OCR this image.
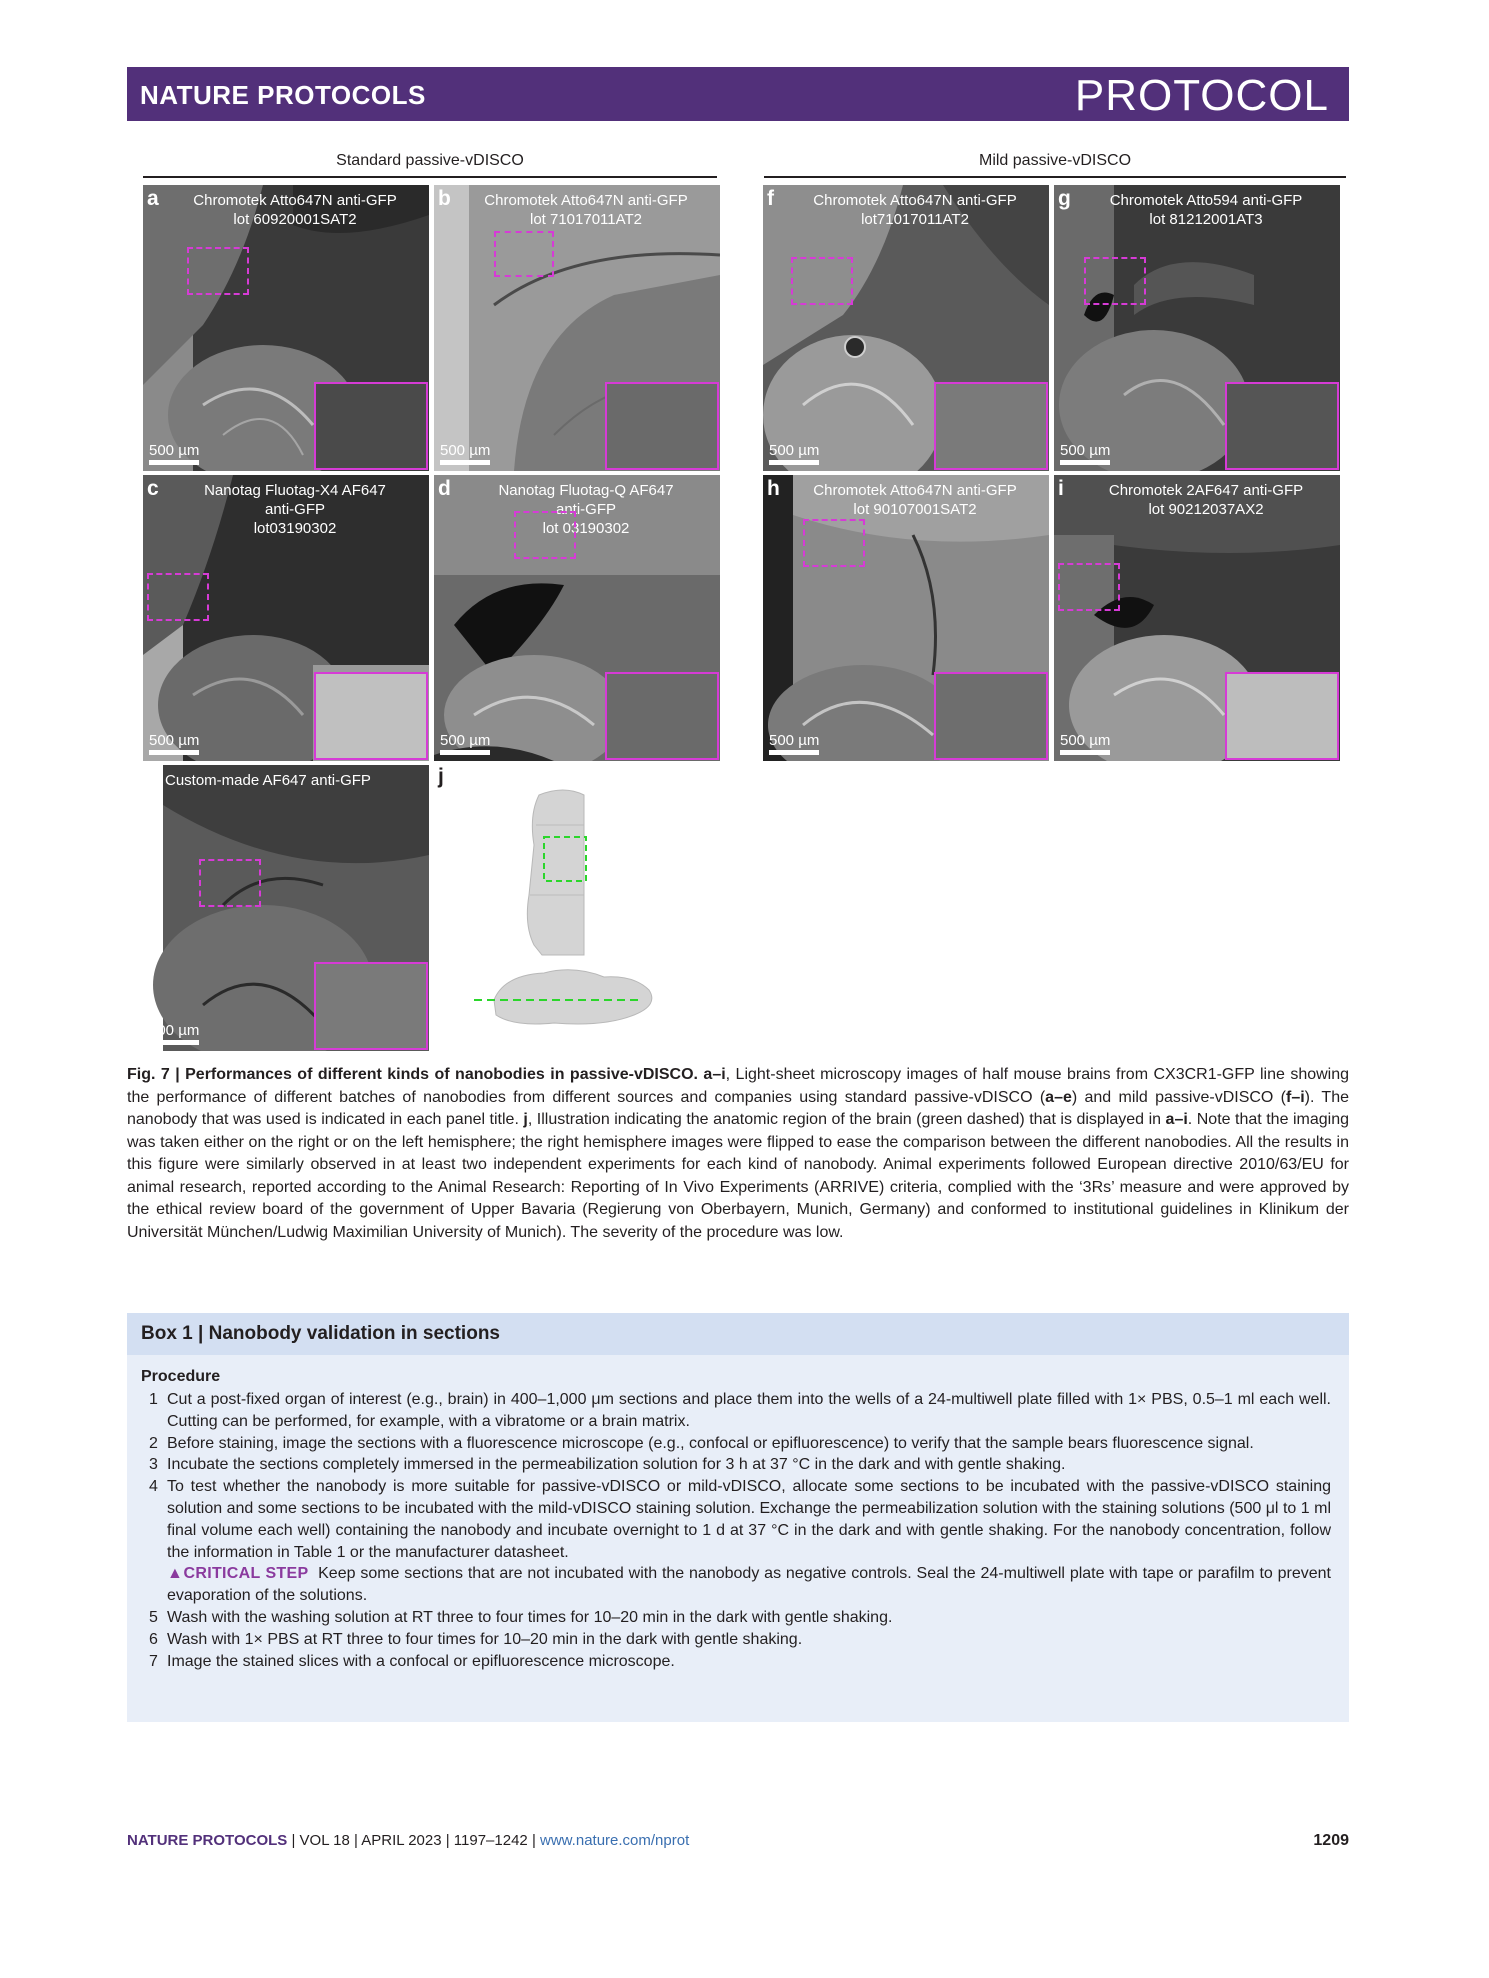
NATURE PROTOCOLS	PROTOCOL
Standard passive-vDISCO	Mild passive-vDISCO
a	Chromotek Atto647N anti-GFP
lot 60920001SAT2
500 µm
b	Chromotek Atto647N anti-GFP
lot 71017011AT2
500 µm
f	Chromotek Atto647N anti-GFP
lot71017011AT2
500 µm
g	Chromotek Atto594 anti-GFP
lot 81212001AT3
500 µm
c	Nanotag Fluotag-X4 AF647
anti-GFP
lot03190302
500 µm
d	Nanotag Fluotag-Q AF647
anti-GFP
lot 03190302
500 µm
h	Chromotek Atto647N anti-GFP
lot 90107001SAT2
500 µm
i	Chromotek 2AF647 anti-GFP
lot 90212037AX2
500 µm
e Custom-made AF647 anti-GFP
500 µm
j
Fig. 7 | Performances of different kinds of nanobodies in passive-vDISCO. a–i, Light-sheet microscopy images of half mouse brains from CX3CR1-GFP line showing the performance of different batches of nanobodies from different sources and companies using standard passive-vDISCO (a–e) and mild passive-vDISCO (f–i). The nanobody that was used is indicated in each panel title. j, Illustration indicating the anatomic region of the brain (green dashed) that is displayed in a–i. Note that the imaging was taken either on the right or on the left hemisphere; the right hemisphere images were flipped to ease the comparison between the different nanobodies. All the results in this figure were similarly observed in at least two independent experiments for each kind of nanobody. Animal experiments followed European directive 2010/63/EU for animal research, reported according to the Animal Research: Reporting of In Vivo Experiments (ARRIVE) criteria, complied with the ‘3Rs’ measure and were approved by the ethical review board of the government of Upper Bavaria (Regierung von Oberbayern, Munich, Germany) and conformed to institutional guidelines in Klinikum der Universität München/Ludwig Maximilian University of Munich). The severity of the procedure was low.
Box 1 | Nanobody validation in sections
Procedure
1 Cut a post-fixed organ of interest (e.g., brain) in 400–1,000 μm sections and place them into the wells of a 24-multiwell plate filled with 1× PBS, 0.5–1 ml each well. Cutting can be performed, for example, with a vibratome or a brain matrix.
2 Before staining, image the sections with a fluorescence microscope (e.g., confocal or epifluorescence) to verify that the sample bears fluorescence signal.
3 Incubate the sections completely immersed in the permeabilization solution for 3 h at 37 °C in the dark and with gentle shaking.
4 To test whether the nanobody is more suitable for passive-vDISCO or mild-vDISCO, allocate some sections to be incubated with the passive-vDISCO staining solution and some sections to be incubated with the mild-vDISCO staining solution. Exchange the permeabilization solution with the staining solutions (500 μl to 1 ml final volume each well) containing the nanobody and incubate overnight to 1 d at 37 °C in the dark and with gentle shaking. For the nanobody concentration, follow the information in Table 1 or the manufacturer datasheet.
▲CRITICAL STEP Keep some sections that are not incubated with the nanobody as negative controls. Seal the 24-multiwell plate with tape or parafilm to prevent evaporation of the solutions.
5 Wash with the washing solution at RT three to four times for 10–20 min in the dark with gentle shaking.
6 Wash with 1× PBS at RT three to four times for 10–20 min in the dark with gentle shaking.
7 Image the stained slices with a confocal or epifluorescence microscope.
NATURE PROTOCOLS | VOL 18 | APRIL 2023 | 1197–1242 | www.nature.com/nprot	1209
